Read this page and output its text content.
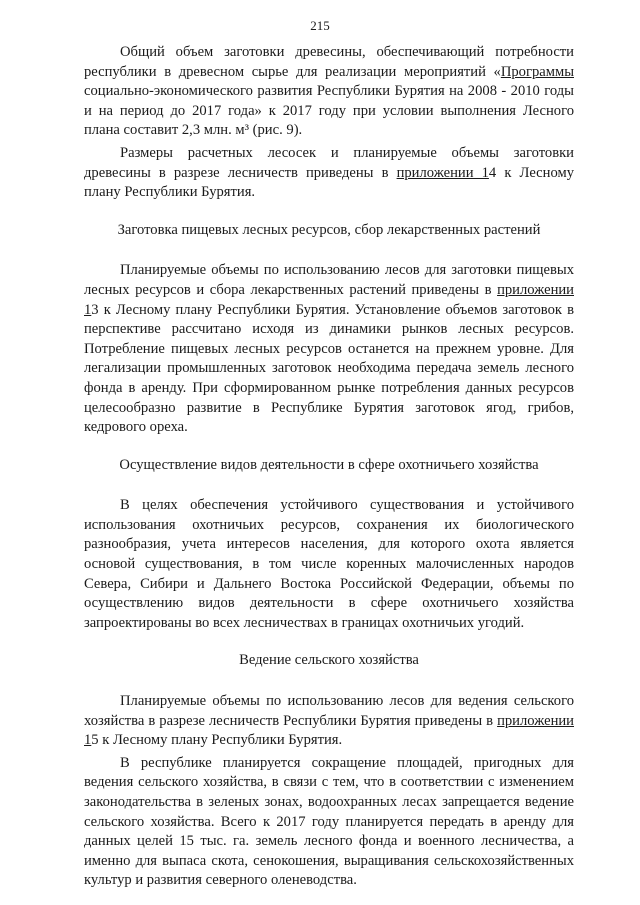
215

Общий объем заготовки древесины, обеспечивающий потребности республики в древесном сырье для реализации мероприятий «Программы социально-экономического развития Республики Бурятия на 2008 - 2010 годы и на период до 2017 года» к 2017 году при условии выполнения Лесного плана составит 2,3 млн. м³ (рис. 9).

Размеры расчетных лесосек и планируемые объемы заготовки древесины в разрезе лесничеств приведены в приложении 14 к Лесному плану Республики Бурятия.

Заготовка пищевых лесных ресурсов, сбор лекарственных растений

Планируемые объемы по использованию лесов для заготовки пищевых лесных ресурсов и сбора лекарственных растений приведены в приложении 13 к Лесному плану Республики Бурятия. Установление объемов заготовок в перспективе рассчитано исходя из динамики рынков лесных ресурсов. Потребление пищевых лесных ресурсов останется на прежнем уровне. Для легализации промышленных заготовок необходима передача земель лесного фонда в аренду. При сформированном рынке потребления данных ресурсов целесообразно развитие в Республике Бурятия заготовок ягод, грибов, кедрового ореха.

Осуществление видов деятельности в сфере охотничьего хозяйства

В целях обеспечения устойчивого существования и устойчивого использования охотничьих ресурсов, сохранения их биологического разнообразия, учета интересов населения, для которого охота является основой существования, в том числе коренных малочисленных народов Севера, Сибири и Дальнего Востока Российской Федерации, объемы по осуществлению видов деятельности в сфере охотничьего хозяйства запроектированы во всех лесничествах в границах охотничьих угодий.

Ведение сельского хозяйства

Планируемые объемы по использованию лесов для ведения сельского хозяйства в разрезе лесничеств Республики Бурятия приведены в приложении 15 к Лесному плану Республики Бурятия.

В республике планируется сокращение площадей, пригодных для ведения сельского хозяйства, в связи с тем, что в соответствии с изменением законодательства в зеленых зонах, водоохранных лесах запрещается ведение сельского хозяйства. Всего к 2017 году планируется передать в аренду для данных целей 15 тыс. га. земель лесного фонда и военного лесничества, а именно для выпаса скота, сенокошения, выращивания сельскохозяйственных культур и развития северного оленеводства.
